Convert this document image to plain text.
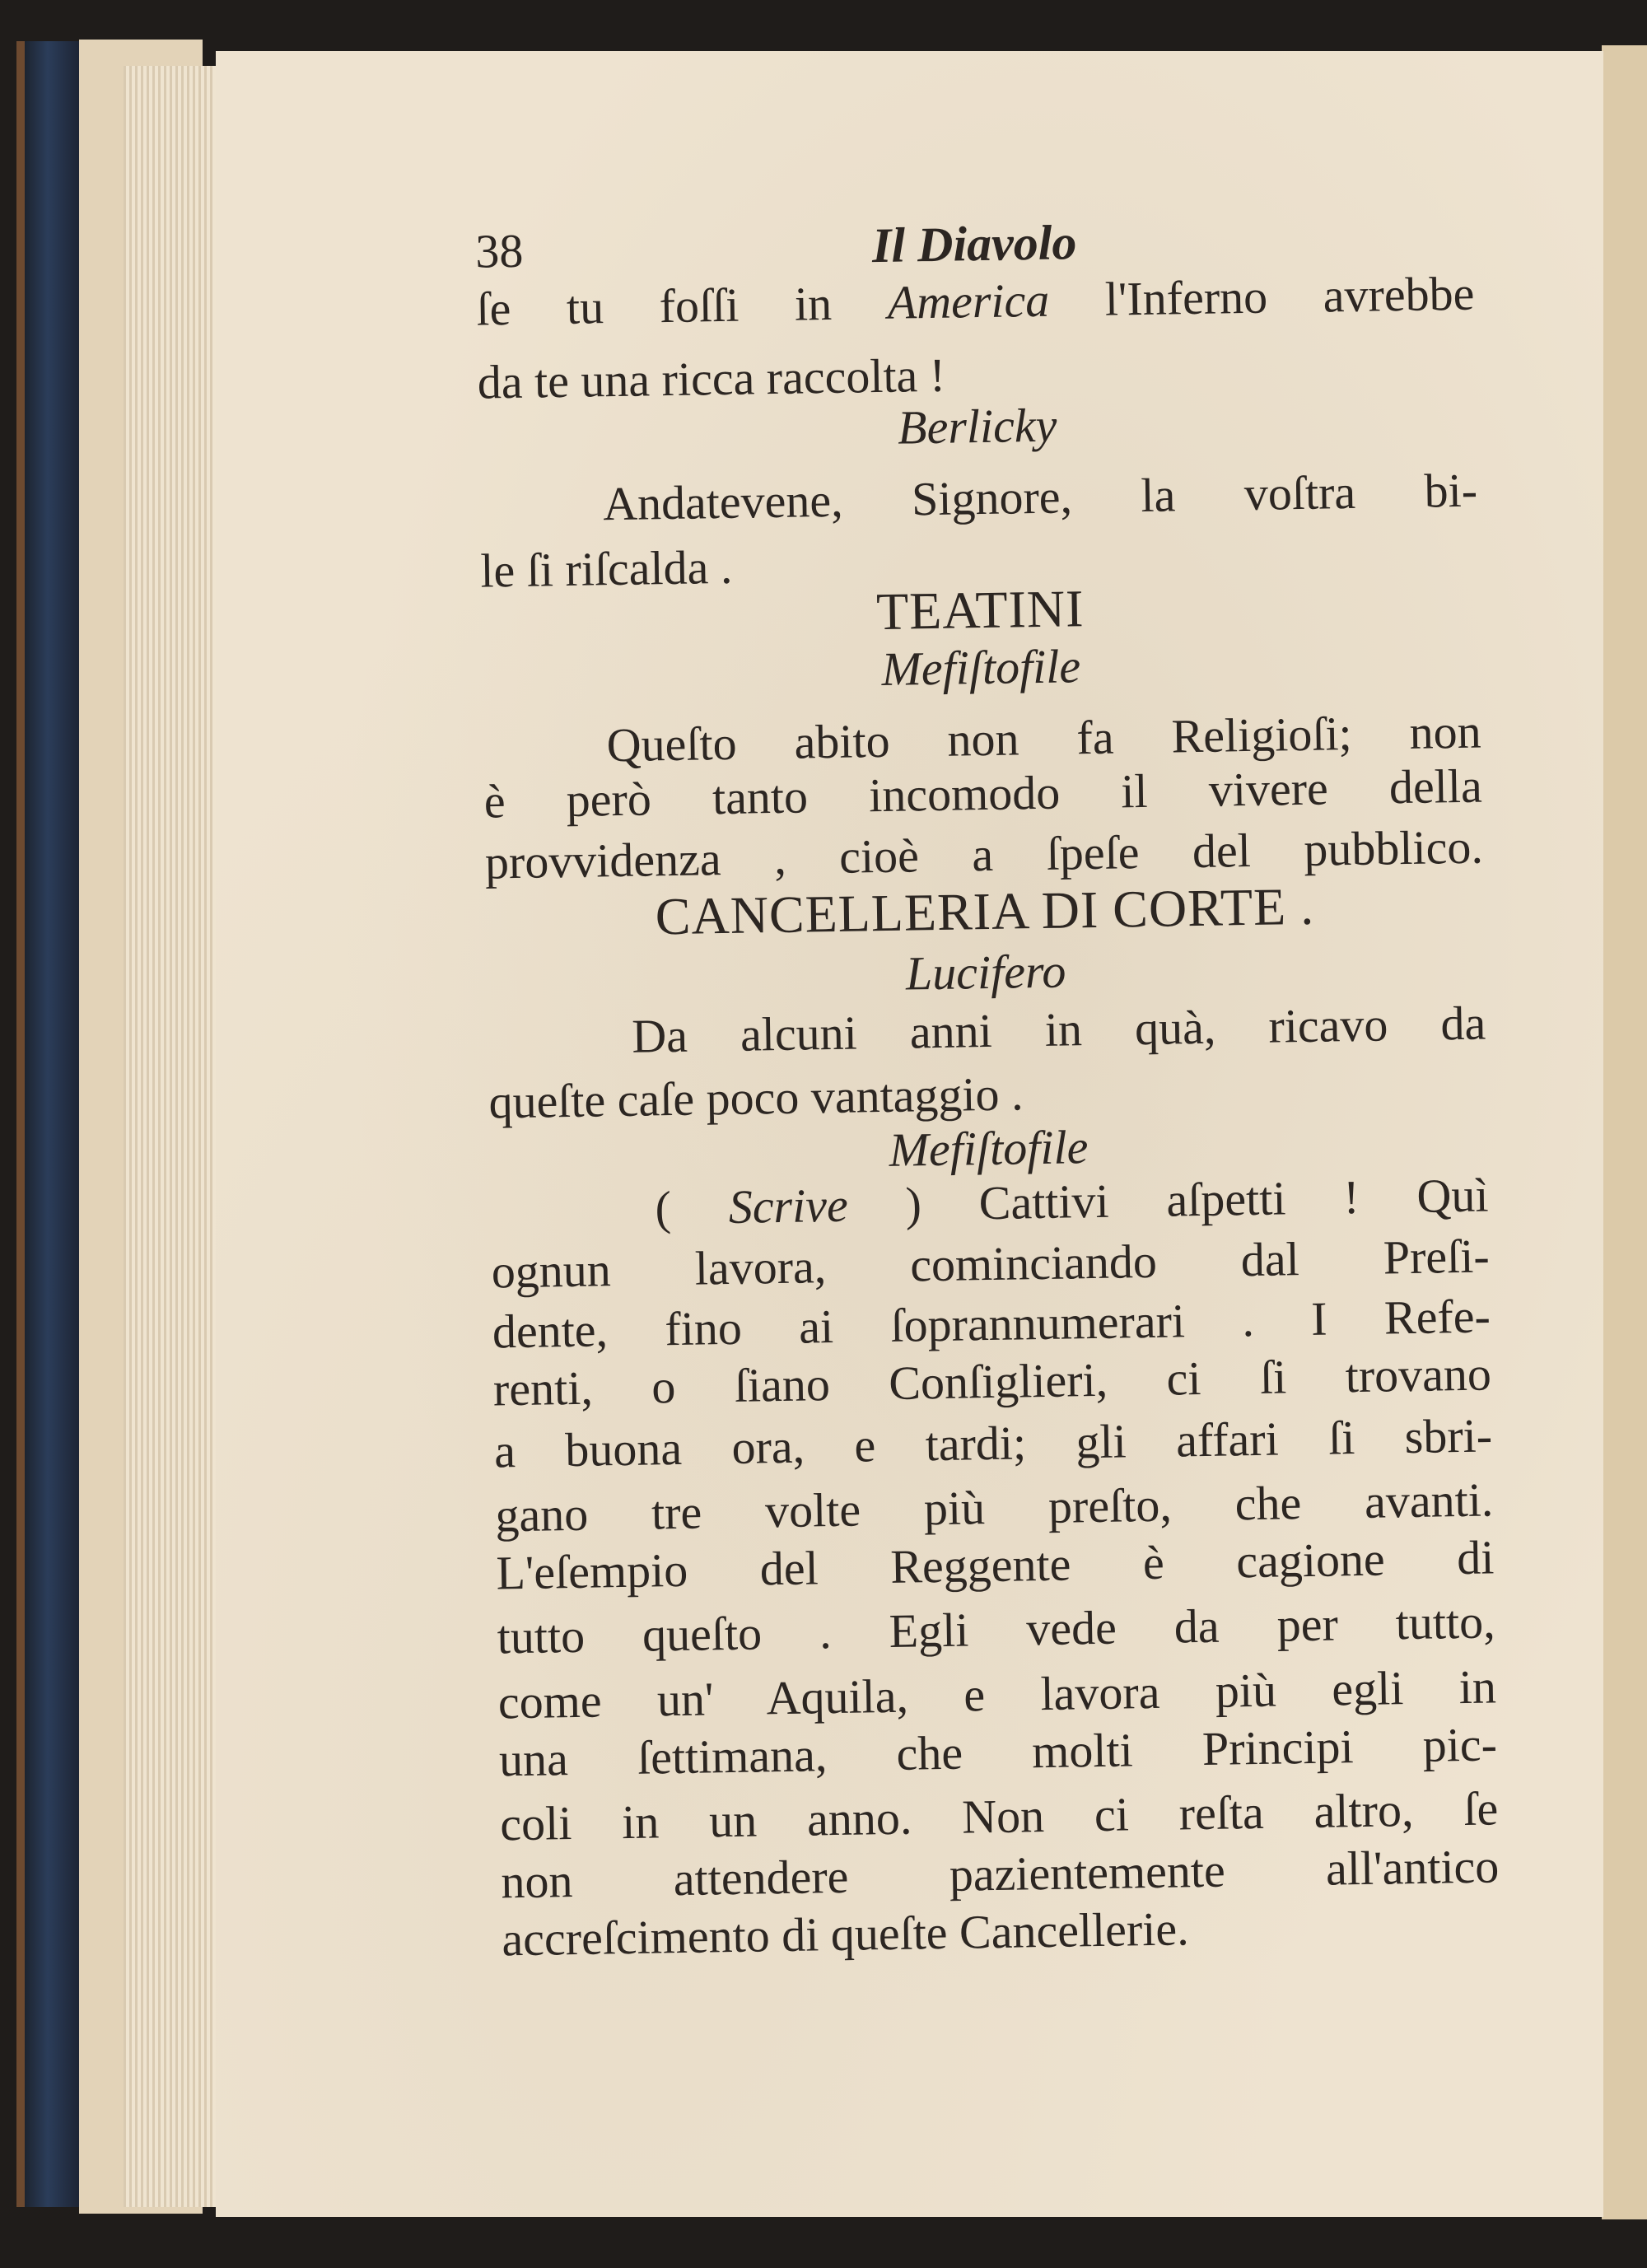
38	Il Diavolo
ſe tu foſſi in America l'Inferno avrebbe
da te una ricca raccolta !
Berlicky
Andatevene, Signore, la voſtra bi-
le ſi riſcalda .
TEATINI
Mefiſtofile
Queſto abito non fa Religioſi; non
è però tanto incomodo il vivere della
provvidenza , cioè a ſpeſe del pubblico.
CANCELLERIA DI CORTE .
Lucifero
Da alcuni anni in quà, ricavo da
queſte caſe poco vantaggio .
Mefiſtofile
( Scrive ) Cattivi aſpetti ! Quì
ognun lavora, cominciando dal Preſi-
dente, fino ai ſoprannumerari . I Refe-
renti, o ſiano Conſiglieri, ci ſi trovano
a buona ora, e tardi; gli affari ſi sbri-
gano tre volte più preſto, che avanti.
L'eſempio del Reggente è cagione di
tutto queſto . Egli vede da per tutto,
come un' Aquila, e lavora più egli in
una ſettimana, che molti Principi pic-
coli in un anno. Non ci reſta altro, ſe
non attendere pazientemente all'antico
accreſcimento di queſte Cancellerie.
